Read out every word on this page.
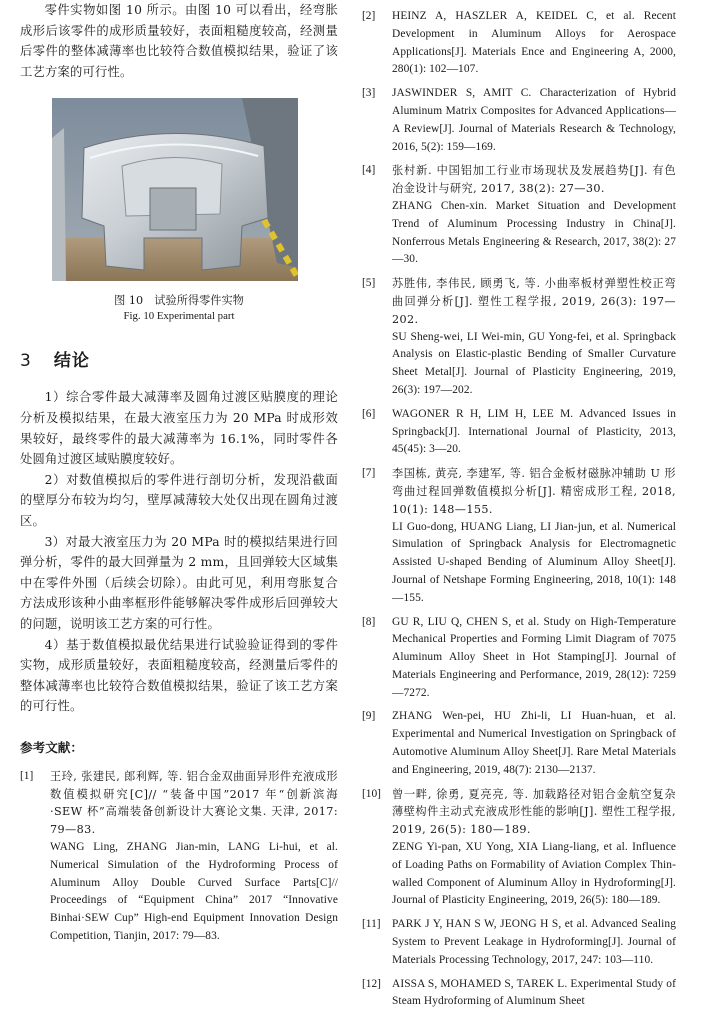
零件实物如图 10 所示。由图 10 可以看出，经弯胀成形后该零件的成形质量较好，表面粗糙度较高，经测量后零件的整体减薄率也比较符合数值模拟结果，验证了该工艺方案的可行性。

图 10　试验所得零件实物
Fig. 10 Experimental part
3 结论

1）综合零件最大减薄率及圆角过渡区贴膜度的理论分析及模拟结果，在最大液室压力为 20 MPa 时成形效果较好，最终零件的最大减薄率为 16.1%，同时零件各处圆角过渡区域贴膜度较好。

2）对数值模拟后的零件进行剖切分析，发现沿截面的壁厚分布较为均匀，壁厚减薄较大处仅出现在圆角过渡区。

3）对最大液室压力为 20 MPa 时的模拟结果进行回弹分析，零件的最大回弹量为 2 mm，且回弹较大区域集中在零件外围（后续会切除）。由此可见，利用弯胀复合方法成形该种小曲率框形件能够解决零件成形后回弹较大的问题，说明该工艺方案的可行性。

4）基于数值模拟最优结果进行试验验证得到的零件实物，成形质量较好，表面粗糙度较高，经测量后零件的整体减薄率也比较符合数值模拟结果，验证了该工艺方案的可行性。

参考文献：
[1] 王玲, 张建民, 郎利辉, 等. 铝合金双曲面异形件充液成形数值模拟研究[C]// “装备中国”2017 年“创新滨海·SEW 杯”高端装备创新设计大赛论文集. 天津, 2017: 79—83.

WANG Ling, ZHANG Jian-min, LANG Li-hui, et al. Numerical Simulation of the Hydroforming Process of Aluminum Alloy Double Curved Surface Parts[C]// Proceedings of “Equipment China” 2017 “Innovative Binhai·SEW Cup” High-end Equipment Innovation Design Competition, Tianjin, 2017: 79—83.

[2] HEINZ A, HASZLER A, KEIDEL C, et al. Recent Development in Aluminum Alloys for Aerospace Applications[J]. Materials Ence and Engineering A, 2000, 280(1): 102—107.

[3] JASWINDER S, AMIT C. Characterization of Hybrid Aluminum Matrix Composites for Advanced Applications—A Review[J]. Journal of Materials Research & Technology, 2016, 5(2): 159—169.

[4] 张村新. 中国铝加工行业市场现状及发展趋势[J]. 有色冶金设计与研究, 2017, 38(2): 27—30.

ZHANG Chen-xin. Market Situation and Development Trend of Aluminum Processing Industry in China[J]. Nonferrous Metals Engineering & Research, 2017, 38(2): 27—30.

[5] 苏胜伟, 李伟民, 顾勇飞, 等. 小曲率板材弹塑性校正弯曲回弹分析[J]. 塑性工程学报, 2019, 26(3): 197—202.

SU Sheng-wei, LI Wei-min, GU Yong-fei, et al. Springback Analysis on Elastic-plastic Bending of Smaller Curvature Sheet Metal[J]. Journal of Plasticity Engineering, 2019, 26(3): 197—202.

[6] WAGONER R H, LIM H, LEE M. Advanced Issues in Springback[J]. International Journal of Plasticity, 2013, 45(45): 3—20.

[7] 李国栋, 黄亮, 李建军, 等. 铝合金板材磁脉冲辅助 U 形弯曲过程回弹数值模拟分析[J]. 精密成形工程, 2018, 10(1): 148—155.

LI Guo-dong, HUANG Liang, LI Jian-jun, et al. Numerical Simulation of Springback Analysis for Electromagnetic Assisted U-shaped Bending of Aluminum Alloy Sheet[J]. Journal of Netshape Forming Engineering, 2018, 10(1): 148—155.

[8] GU R, LIU Q, CHEN S, et al. Study on High-Temperature Mechanical Properties and Forming Limit Diagram of 7075 Aluminum Alloy Sheet in Hot Stamping[J]. Journal of Materials Engineering and Performance, 2019, 28(12): 7259—7272.

[9] ZHANG Wen-pei, HU Zhi-li, LI Huan-huan, et al. Experimental and Numerical Investigation on Springback of Automotive Aluminum Alloy Sheet[J]. Rare Metal Materials and Engineering, 2019, 48(7): 2130—2137.

[10] 曾一畔, 徐勇, 夏亮亮, 等. 加载路径对铝合金航空复杂薄壁构件主动式充液成形性能的影响[J]. 塑性工程学报, 2019, 26(5): 180—189.

ZENG Yi-pan, XU Yong, XIA Liang-liang, et al. Influence of Loading Paths on Formability of Aviation Complex Thin-walled Component of Aluminum Alloy in Hydroforming[J]. Journal of Plasticity Engineering, 2019, 26(5): 180—189.

[11] PARK J Y, HAN S W, JEONG H S, et al. Advanced Sealing System to Prevent Leakage in Hydroforming[J]. Journal of Materials Processing Technology, 2017, 247: 103—110.

[12] AISSA S, MOHAMED S, TAREK L. Experimental Study of Steam Hydroforming of Aluminum Sheet
